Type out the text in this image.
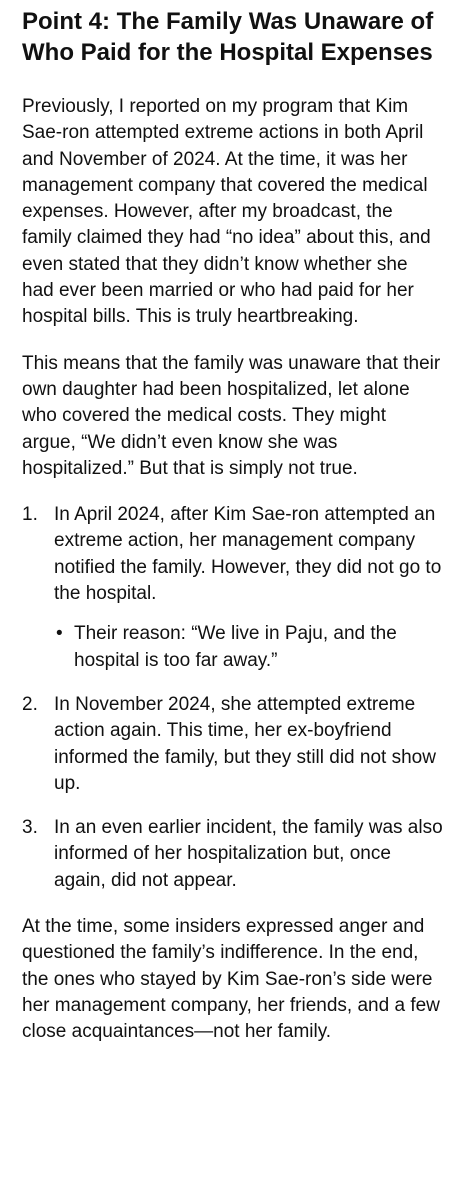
Point 4: The Family Was Unaware of Who Paid for the Hospital Expenses

Previously, I reported on my program that Kim Sae-ron attempted extreme actions in both April and November of 2024. At the time, it was her management company that covered the medical expenses. However, after my broadcast, the family claimed they had “no idea” about this, and even stated that they didn’t know whether she had ever been married or who had paid for her hospital bills. This is truly heartbreaking.

This means that the family was unaware that their own daughter had been hospitalized, let alone who covered the medical costs. They might argue, “We didn’t even know she was hospitalized.” But that is simply not true.

1. In April 2024, after Kim Sae-ron attempted an extreme action, her management company notified the family. However, they did not go to the hospital.
• Their reason: “We live in Paju, and the hospital is too far away.”
2. In November 2024, she attempted extreme action again. This time, her ex-boyfriend informed the family, but they still did not show up.
3. In an even earlier incident, the family was also informed of her hospitalization but, once again, did not appear.

At the time, some insiders expressed anger and questioned the family’s indifference. In the end, the ones who stayed by Kim Sae-ron’s side were her management company, her friends, and a few close acquaintances—not her family.
